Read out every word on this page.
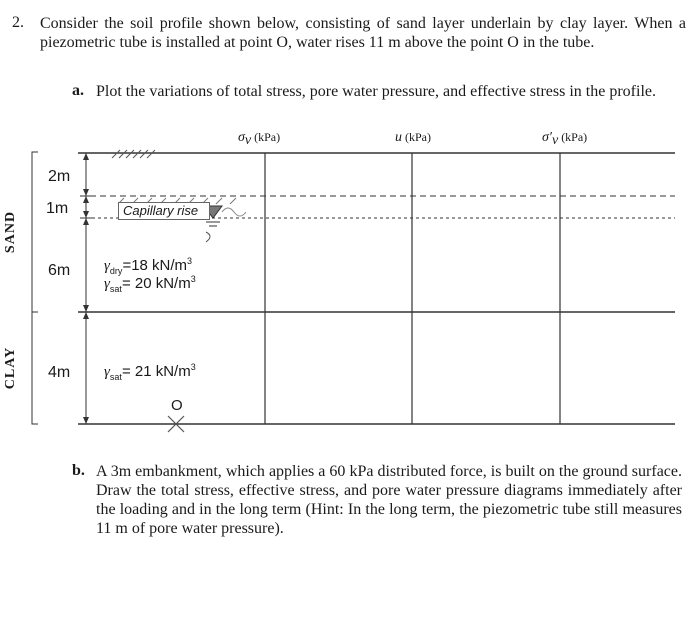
2. Consider the soil profile shown below, consisting of sand layer underlain by clay layer. When a piezometric tube is installed at point O, water rises 11 m above the point O in the tube.
a. Plot the variations of total stress, pore water pressure, and effective stress in the profile.
$\sigma_v$ (kPa)	u (kPa)	$\sigma'_v$ (kPa)
Capillary rise
2m
1m
6m
4m
$\gamma_{dry}=18$ $kN/m^3$
$\gamma_{sat}= 20$ $kN/m^3$
$\gamma_{sat}= 21$ $kN/m^3$
O
SAND
CLAY
b. A 3m embankment, which applies a 60 kPa distributed force, is built on the ground surface. Draw the total stress, effective stress, and pore water pressure diagrams immediately after the loading and in the long term (Hint: In the long term, the piezometric tube still measures 11 m of pore water pressure).
